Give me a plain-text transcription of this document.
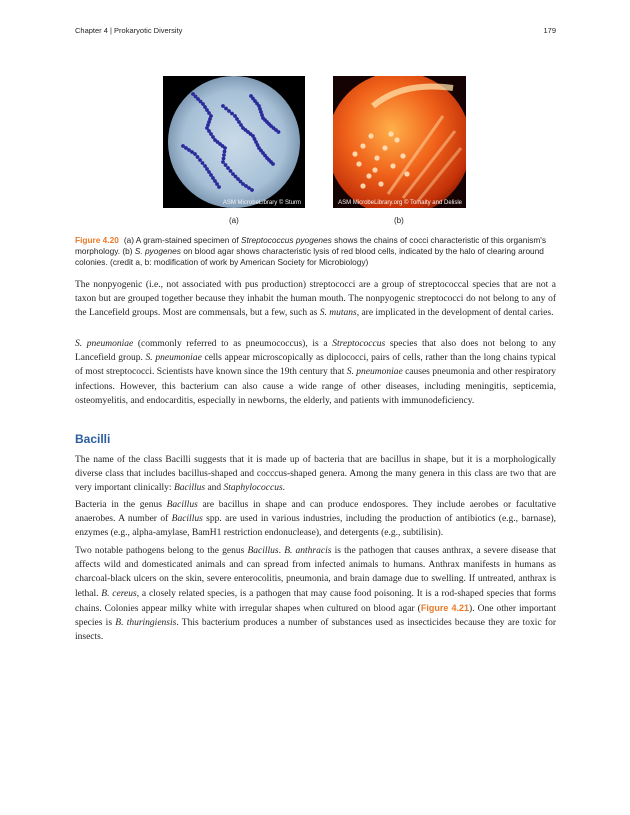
Chapter 4 | Prokaryotic Diversity	179
ASM MicrobeLibrary © Sturm	ASM MicrobeLibrary.org © Tomalty and Delisle
(a)	(b)
Figure 4.20 (a) A gram-stained specimen of Streptococcus pyogenes shows the chains of cocci characteristic of this organism's morphology. (b) S. pyogenes on blood agar shows characteristic lysis of red blood cells, indicated by the halo of clearing around colonies. (credit a, b: modification of work by American Society for Microbiology)

The nonpyogenic (i.e., not associated with pus production) streptococci are a group of streptococcal species that are not a taxon but are grouped together because they inhabit the human mouth. The nonpyogenic streptococci do not belong to any of the Lancefield groups. Most are commensals, but a few, such as S. mutans, are implicated in the development of dental caries.

S. pneumoniae (commonly referred to as pneumococcus), is a Streptococcus species that also does not belong to any Lancefield group. S. pneumoniae cells appear microscopically as diplococci, pairs of cells, rather than the long chains typical of most streptococci. Scientists have known since the 19th century that S. pneumoniae causes pneumonia and other respiratory infections. However, this bacterium can also cause a wide range of other diseases, including meningitis, septicemia, osteomyelitis, and endocarditis, especially in newborns, the elderly, and patients with immunodeficiency.

Bacilli

The name of the class Bacilli suggests that it is made up of bacteria that are bacillus in shape, but it is a morphologically diverse class that includes bacillus-shaped and cocccus-shaped genera. Among the many genera in this class are two that are very important clinically: Bacillus and Staphylococcus.

Bacteria in the genus Bacillus are bacillus in shape and can produce endospores. They include aerobes or facultative anaerobes. A number of Bacillus spp. are used in various industries, including the production of antibiotics (e.g., barnase), enzymes (e.g., alpha-amylase, BamH1 restriction endonuclease), and detergents (e.g., subtilisin).

Two notable pathogens belong to the genus Bacillus. B. anthracis is the pathogen that causes anthrax, a severe disease that affects wild and domesticated animals and can spread from infected animals to humans. Anthrax manifests in humans as charcoal-black ulcers on the skin, severe enterocolitis, pneumonia, and brain damage due to swelling. If untreated, anthrax is lethal. B. cereus, a closely related species, is a pathogen that may cause food poisoning. It is a rod-shaped species that forms chains. Colonies appear milky white with irregular shapes when cultured on blood agar (Figure 4.21). One other important species is B. thuringiensis. This bacterium produces a number of substances used as insecticides because they are toxic for insects.
